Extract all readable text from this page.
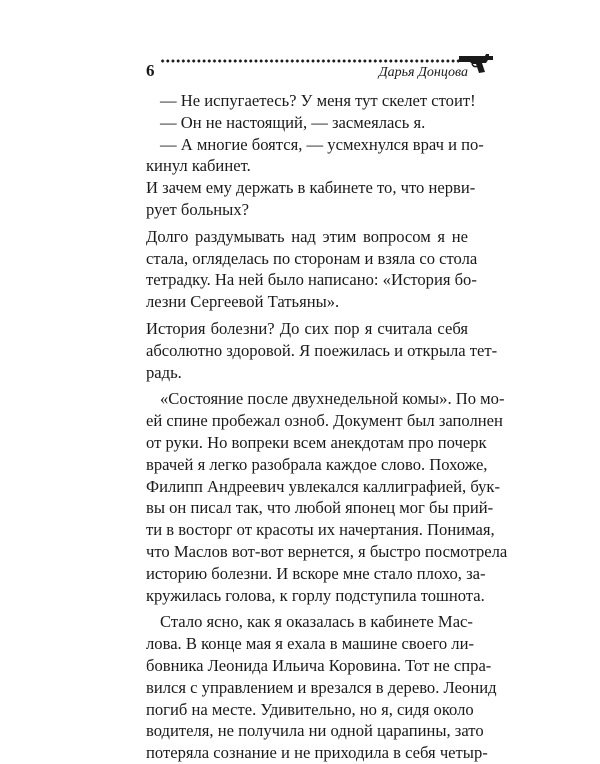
6	Дарья Донцова
— Не испугаетесь? У меня тут скелет стоит!
— Он не настоящий, — засмеялась я.
— А многие боятся, — усмехнулся врач и по-
кинул кабинет.
И зачем ему держать в кабинете то, что нерви-
рует больных?
Долго раздумывать над этим вопросом я не
стала, огляделась по сторонам и взяла со стола
тетрадку. На ней было написано: «История бо-
лезни Сергеевой Татьяны».
История болезни? До сих пор я считала себя
абсолютно здоровой. Я поежилась и открыла тет-
радь.
«Состояние после двухнедельной комы». По мо-
ей спине пробежал озноб. Документ был заполнен
от руки. Но вопреки всем анекдотам про почерк
врачей я легко разобрала каждое слово. Похоже,
Филипп Андреевич увлекался каллиграфией, бук-
вы он писал так, что любой японец мог бы прий-
ти в восторг от красоты их начертания. Понимая,
что Маслов вот-вот вернется, я быстро посмотрела
историю болезни. И вскоре мне стало плохо, за-
кружилась голова, к горлу подступила тошнота.
Стало ясно, как я оказалась в кабинете Мас-
лова. В конце мая я ехала в машине своего ли-
бовника Леонида Ильича Коровина. Тот не спра-
вился с управлением и врезался в дерево. Леонид
погиб на месте. Удивительно, но я, сидя около
водителя, не получила ни одной царапины, зато
потеряла сознание и не приходила в себя четыр-
